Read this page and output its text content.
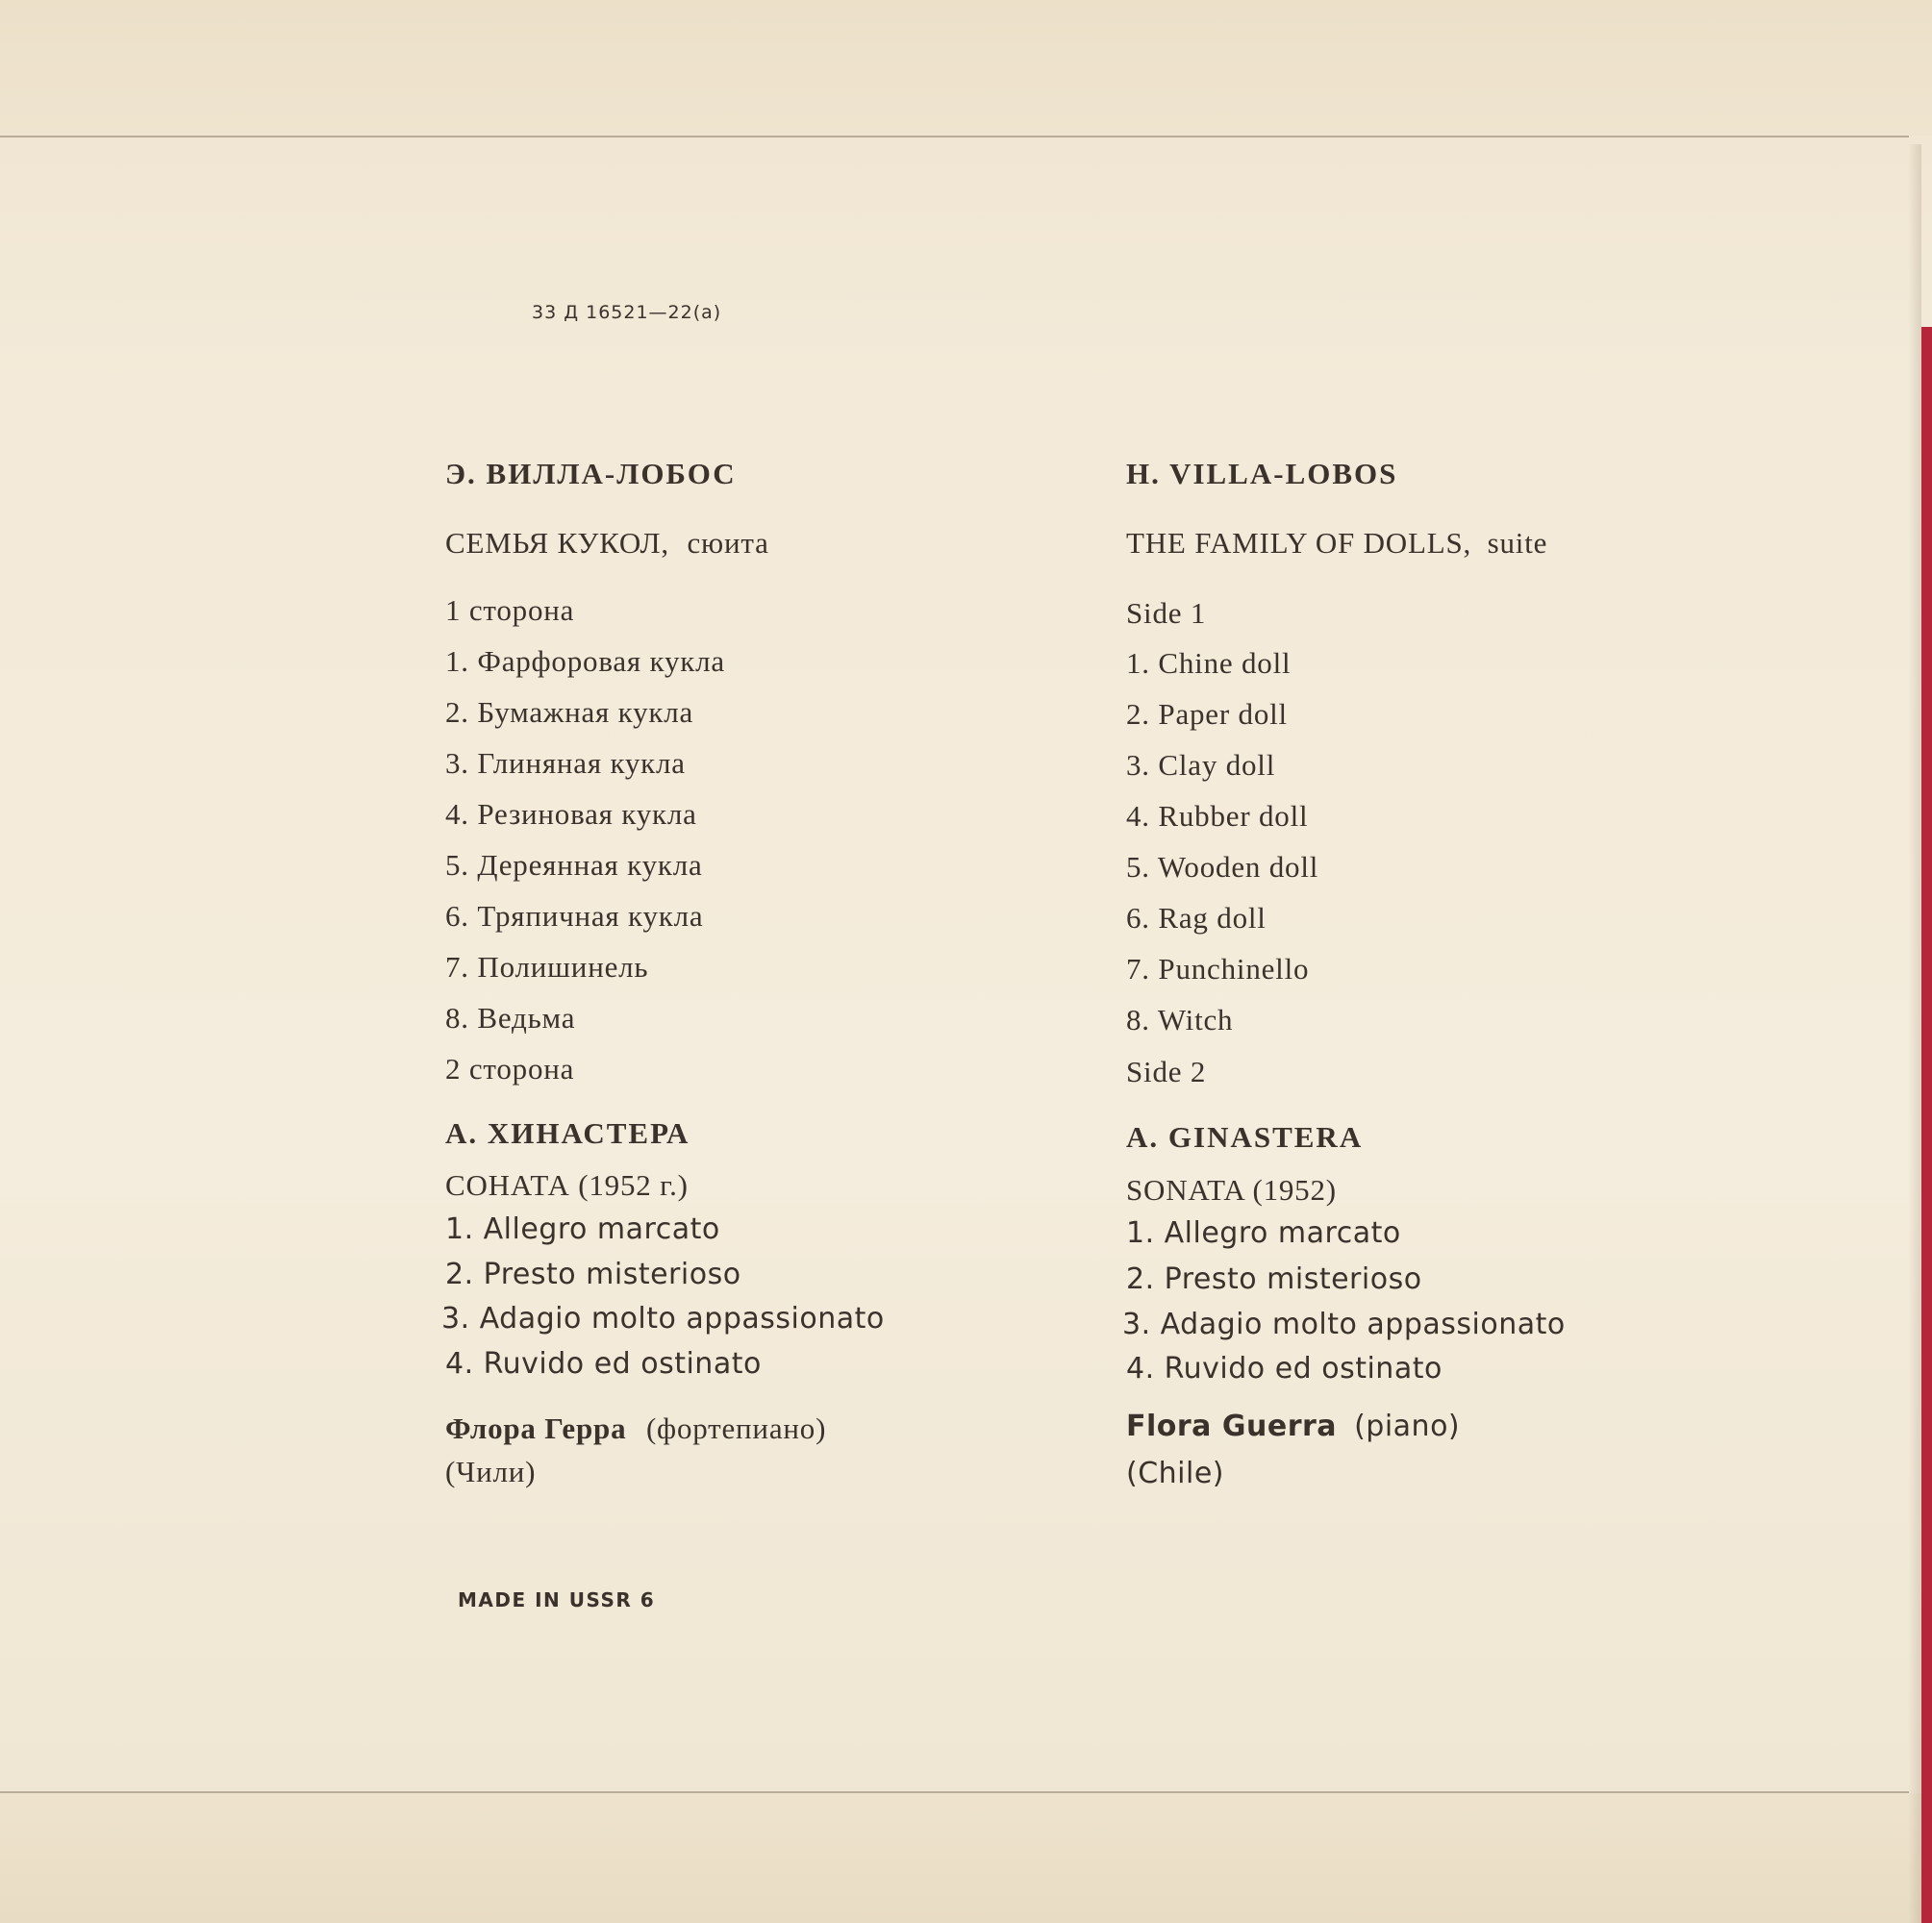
33 Д 16521—22(а)
Э. ВИЛЛА-ЛОБОС
СЕМЬЯ КУКОЛ, сюита
1 сторона
1. Фарфоровая кукла
2. Бумажная кукла
3. Глиняная кукла
4. Резиновая кукла
5. Дереянная кукла
6. Тряпичная кукла
7. Полишинель
8. Ведьма
2 сторона
А. ХИНАСТЕРА
СОНАТА (1952 г.)
1. Allegro marcato
2. Presto misterioso
3. Adagio molto appassionato
4. Ruvido ed ostinato
Флора Герра (фортепиано)
(Чили)
H. VILLA-LOBOS
THE FAMILY OF DOLLS, suite
Side 1
1. Chine doll
2. Paper doll
3. Clay doll
4. Rubber doll
5. Wooden doll
6. Rag doll
7. Punchinello
8. Witch
Side 2
A. GINASTERA
SONATA (1952)
1. Allegro marcato
2. Presto misterioso
3. Adagio molto appassionato
4. Ruvido ed ostinato
Flora Guerra (piano)
(Chile)
MADE IN USSR 6
